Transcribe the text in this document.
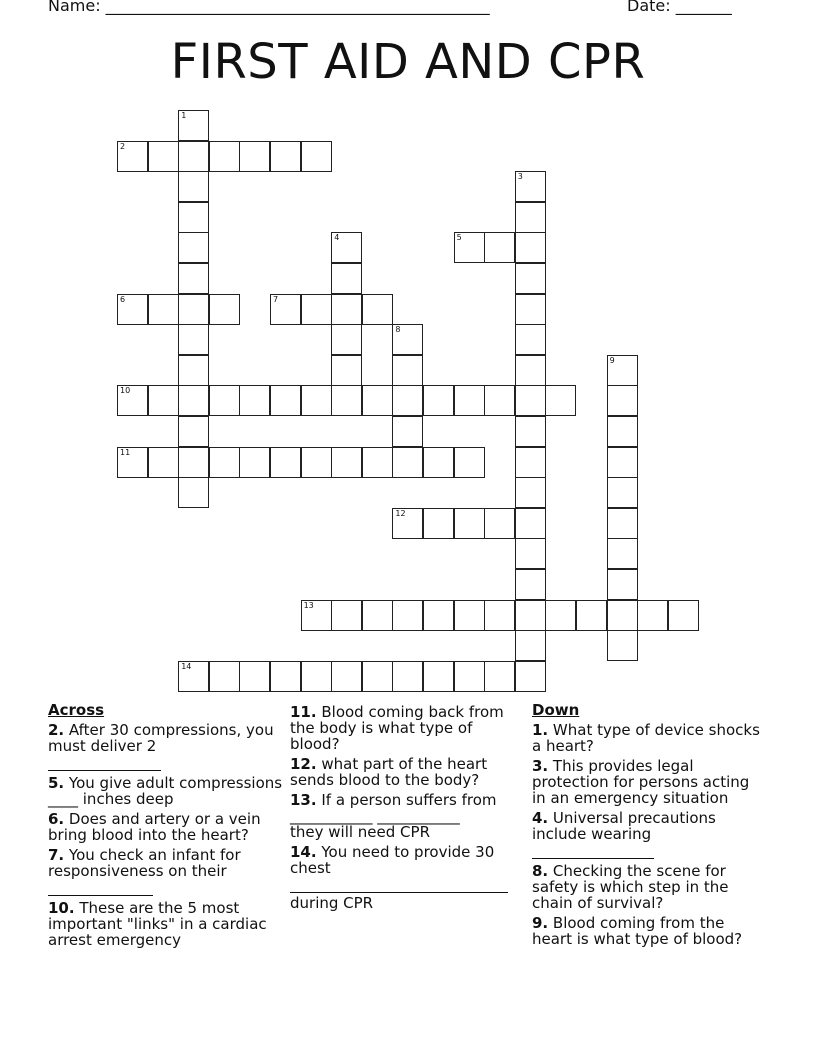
Name: ________________________________________________	Date: _______
FIRST AID AND CPR
1
2
3
4	5
6	7
8
9
10
11
12
13
14
Across
2. After 30 compressions, you must deliver 2
5. You give adult compressions ____ inches deep
6. Does and artery or a vein bring blood into the heart?
7. You check an infant for responsiveness on their
10. These are the 5 most important "links" in a cardiac arrest emergency
11. Blood coming back from the body is what type of blood?
12. what part of the heart sends blood to the body?
13. If a person suffers from
___________ ___________
they will need CPR
14. You need to provide 30 chest
during CPR
Down
1. What type of device shocks a heart?
3. This provides legal protection for persons acting in an emergency situation
4. Universal precautions include wearing
8. Checking the scene for safety is which step in the chain of survival?
9. Blood coming from the heart is what type of blood?
